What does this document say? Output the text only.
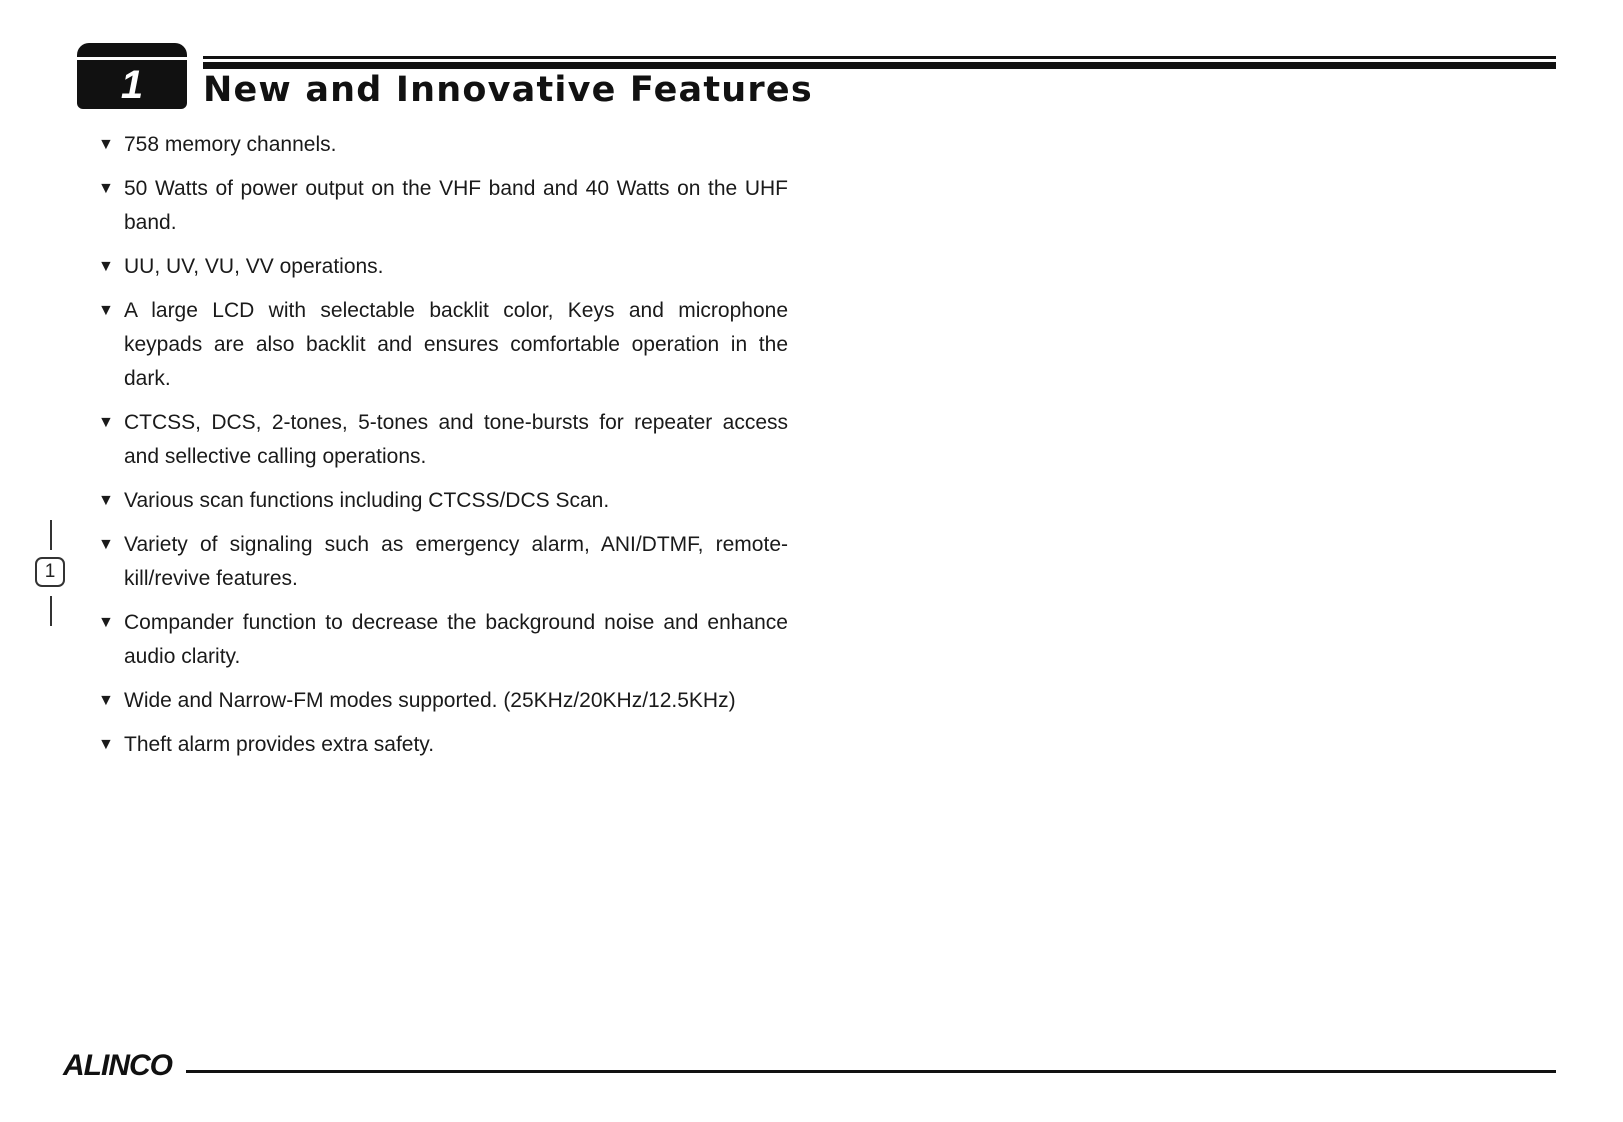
1	New and Innovative Features
▼ 758 memory channels.
▼ 50 Watts of power output on the VHF band and 40 Watts on the UHF band.
▼ UU, UV, VU, VV operations.
▼ A large LCD with selectable backlit color, Keys and microphone keypads are also backlit and ensures comfortable operation in the dark.
▼ CTCSS, DCS, 2-tones, 5-tones and tone-bursts for repeater access and sellective calling operations.
▼ Various scan functions including CTCSS/DCS Scan.
▼ Variety of signaling such as emergency alarm, ANI/DTMF, remote-kill/revive features.
▼ Compander function to decrease the background noise and enhance audio clarity.
▼ Wide and Narrow-FM modes supported. (25KHz/20KHz/12.5KHz)
▼ Theft alarm provides extra safety.
1
ALINCO
